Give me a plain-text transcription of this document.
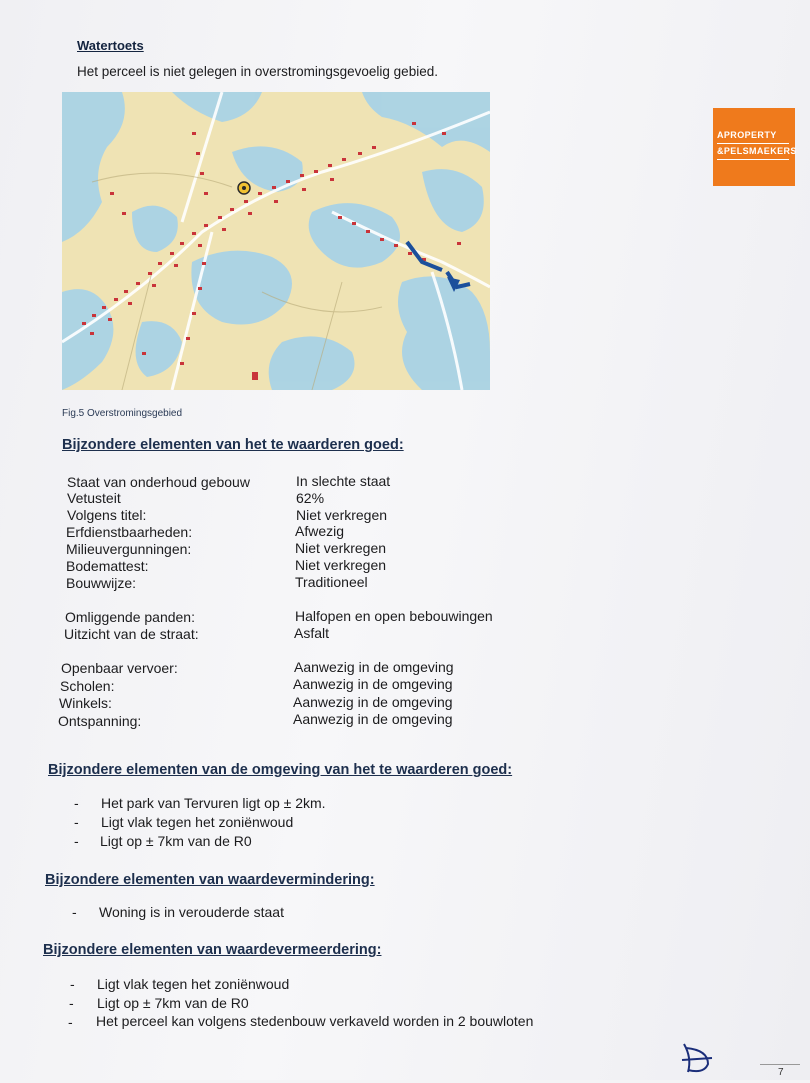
Watertoets
Het perceel is niet gelegen in overstromingsgevoelig gebied.
Fig.5 Overstromingsgebied
APROPERTY
&PELSMAEKERS
Bijzondere elementen van het te waarderen goed:
Staat van onderhoud gebouw	In slechte staat
Vetusteit	62%
Volgens titel:	Niet verkregen
Erfdienstbaarheden:	Afwezig
Milieuvergunningen:	Niet verkregen
Bodemattest:	Niet verkregen
Bouwwijze:	Traditioneel
Omliggende panden:	Halfopen en open bebouwingen
Uitzicht van de straat:	Asfalt
Openbaar vervoer:	Aanwezig in de omgeving
Scholen:	Aanwezig in de omgeving
Winkels:	Aanwezig in de omgeving
Ontspanning:	Aanwezig in de omgeving
Bijzondere elementen van de omgeving van het te waarderen goed:
- Het park van Tervuren ligt op ± 2km.
- Ligt vlak tegen het zoniënwoud
- Ligt op ± 7km van de R0
Bijzondere elementen van waardevermindering:
- Woning is in verouderde staat
Bijzondere elementen van waardevermeerdering:
- Ligt vlak tegen het zoniënwoud
- Ligt op ± 7km van de R0
- Het perceel kan volgens stedenbouw verkaveld worden in 2 bouwloten
7
